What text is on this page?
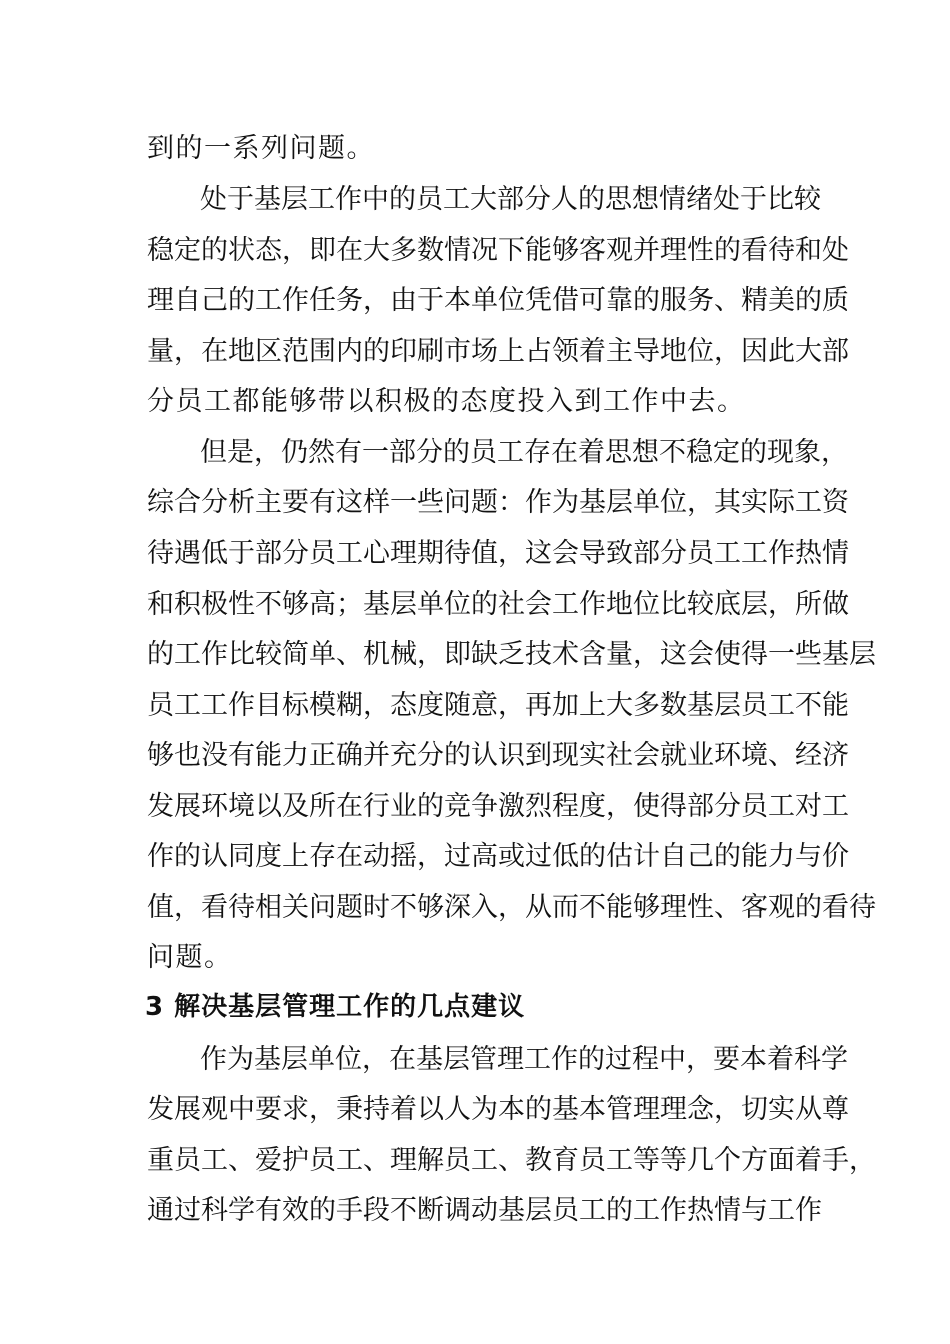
到的一系列问题。
处于基层工作中的员工大部分人的思想情绪处于比较
稳定的状态，即在大多数情况下能够客观并理性的看待和处
理自己的工作任务，由于本单位凭借可靠的服务、精美的质
量，在地区范围内的印刷市场上占领着主导地位，因此大部
分员工都能够带以积极的态度投入到工作中去。
但是，仍然有一部分的员工存在着思想不稳定的现象，
综合分析主要有这样一些问题：作为基层单位，其实际工资
待遇低于部分员工心理期待值，这会导致部分员工工作热情
和积极性不够高；基层单位的社会工作地位比较底层，所做
的工作比较简单、机械，即缺乏技术含量，这会使得一些基层
员工工作目标模糊，态度随意，再加上大多数基层员工不能
够也没有能力正确并充分的认识到现实社会就业环境、经济
发展环境以及所在行业的竞争激烈程度，使得部分员工对工
作的认同度上存在动摇，过高或过低的估计自己的能力与价
值，看待相关问题时不够深入，从而不能够理性、客观的看待
问题。
3 解决基层管理工作的几点建议
作为基层单位，在基层管理工作的过程中，要本着科学
发展观中要求，秉持着以人为本的基本管理理念，切实从尊
重员工、爱护员工、理解员工、教育员工等等几个方面着手，
通过科学有效的手段不断调动基层员工的工作热情与工作
